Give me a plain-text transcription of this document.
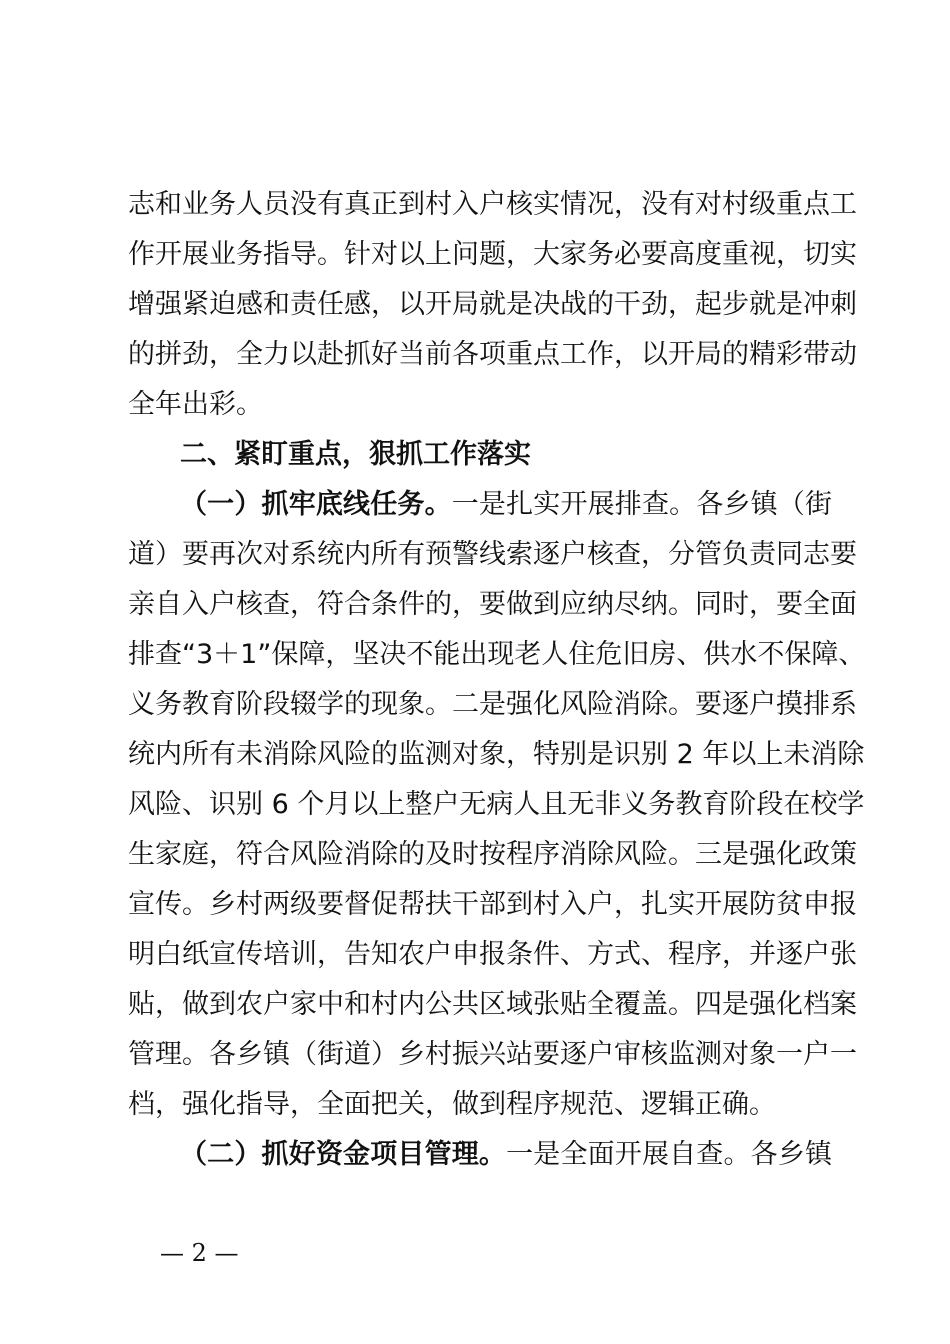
志和业务人员没有真正到村入户核实情况，没有对村级重点工
作开展业务指导。针对以上问题，大家务必要高度重视，切实
增强紧迫感和责任感，以开局就是决战的干劲，起步就是冲刺
的拼劲，全力以赴抓好当前各项重点工作，以开局的精彩带动
全年出彩。
二、紧盯重点，狠抓工作落实
（一）抓牢底线任务。一是扎实开展排查。各乡镇（街
道）要再次对系统内所有预警线索逐户核查，分管负责同志要
亲自入户核查，符合条件的，要做到应纳尽纳。同时，要全面
排查“3＋1”保障，坚决不能出现老人住危旧房、供水不保障、
义务教育阶段辍学的现象。二是强化风险消除。要逐户摸排系
统内所有未消除风险的监测对象，特别是识别 2 年以上未消除
风险、识别 6 个月以上整户无病人且无非义务教育阶段在校学
生家庭，符合风险消除的及时按程序消除风险。三是强化政策
宣传。乡村两级要督促帮扶干部到村入户，扎实开展防贫申报
明白纸宣传培训，告知农户申报条件、方式、程序，并逐户张
贴，做到农户家中和村内公共区域张贴全覆盖。四是强化档案
管理。各乡镇（街道）乡村振兴站要逐户审核监测对象一户一
档，强化指导，全面把关，做到程序规范、逻辑正确。
（二）抓好资金项目管理。一是全面开展自查。各乡镇
— 2 —
